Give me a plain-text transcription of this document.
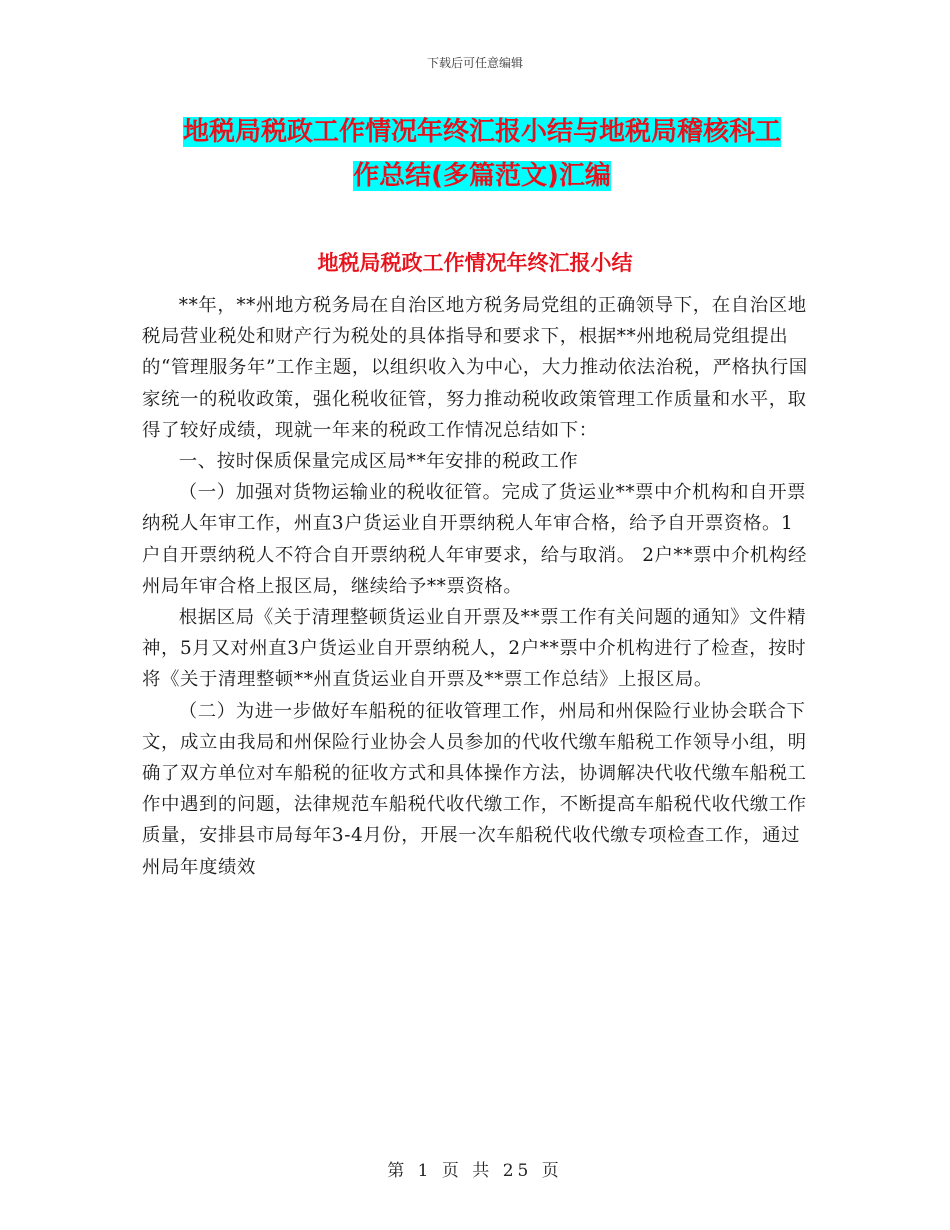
下载后可任意编辑
地税局税政工作情况年终汇报小结与地税局稽核科工
作总结(多篇范文)汇编
地税局税政工作情况年终汇报小结

**年，**州地方税务局在自治区地方税务局党组的正确领导下，在自治区地税局营业税处和财产行为税处的具体指导和要求下，根据**州地税局党组提出的“管理服务年”工作主题，以组织收入为中心，大力推动依法治税，严格执行国家统一的税收政策，强化税收征管，努力推动税收政策管理工作质量和水平，取得了较好成绩，现就一年来的税政工作情况总结如下：

一、按时保质保量完成区局**年安排的税政工作

（一）加强对货物运输业的税收征管。完成了货运业**票中介机构和自开票纳税人年审工作，州直3户货运业自开票纳税人年审合格，给予自开票资格。1户自开票纳税人不符合自开票纳税人年审要求，给与取消。 2户**票中介机构经州局年审合格上报区局，继续给予**票资格。

根据区局《关于清理整顿货运业自开票及**票工作有关问题的通知》文件精神，5月又对州直3户货运业自开票纳税人，2户**票中介机构进行了检查，按时将《关于清理整顿**州直货运业自开票及**票工作总结》上报区局。

（二）为进一步做好车船税的征收管理工作，州局和州保险行业协会联合下文，成立由我局和州保险行业协会人员参加的代收代缴车船税工作领导小组，明确了双方单位对车船税的征收方式和具体操作方法，协调解决代收代缴车船税工作中遇到的问题，法律规范车船税代收代缴工作，不断提高车船税代收代缴工作质量，安排县市局每年3-4月份，开展一次车船税代收代缴专项检查工作，通过州局年度绩效

第 1 页 共 25 页
